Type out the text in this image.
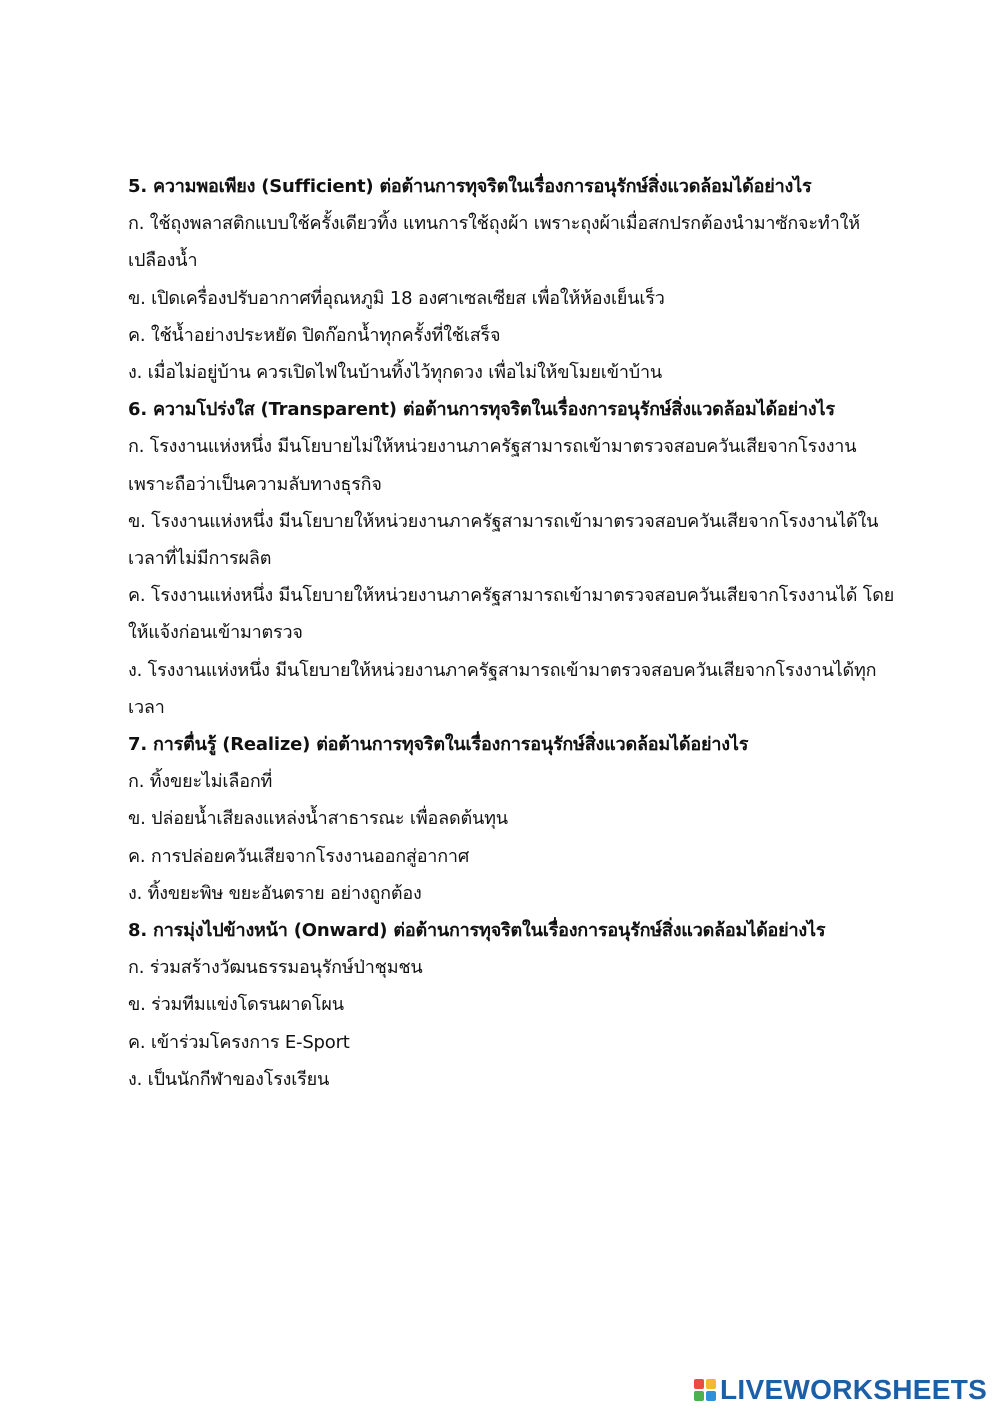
5. ความพอเพียง (Sufficient) ต่อต้านการทุจริตในเรื่องการอนุรักษ์สิ่งแวดล้อมได้อย่างไร
ก. ใช้ถุงพลาสติกแบบใช้ครั้งเดียวทิ้ง แทนการใช้ถุงผ้า เพราะถุงผ้าเมื่อสกปรกต้องนำมาซักจะทำให้
เปลืองน้ำ
ข. เปิดเครื่องปรับอากาศที่อุณหภูมิ 18 องศาเซลเซียส เพื่อให้ห้องเย็นเร็ว
ค. ใช้น้ำอย่างประหยัด ปิดก๊อกน้ำทุกครั้งที่ใช้เสร็จ
ง. เมื่อไม่อยู่บ้าน ควรเปิดไฟในบ้านทิ้งไว้ทุกดวง เพื่อไม่ให้ขโมยเข้าบ้าน
6. ความโปร่งใส (Transparent) ต่อต้านการทุจริตในเรื่องการอนุรักษ์สิ่งแวดล้อมได้อย่างไร
ก. โรงงานแห่งหนึ่ง มีนโยบายไม่ให้หน่วยงานภาครัฐสามารถเข้ามาตรวจสอบควันเสียจากโรงงาน
เพราะถือว่าเป็นความลับทางธุรกิจ
ข. โรงงานแห่งหนึ่ง มีนโยบายให้หน่วยงานภาครัฐสามารถเข้ามาตรวจสอบควันเสียจากโรงงานได้ใน
เวลาที่ไม่มีการผลิต
ค. โรงงานแห่งหนึ่ง มีนโยบายให้หน่วยงานภาครัฐสามารถเข้ามาตรวจสอบควันเสียจากโรงงานได้ โดย
ให้แจ้งก่อนเข้ามาตรวจ
ง. โรงงานแห่งหนึ่ง มีนโยบายให้หน่วยงานภาครัฐสามารถเข้ามาตรวจสอบควันเสียจากโรงงานได้ทุก
เวลา
7. การตื่นรู้ (Realize) ต่อต้านการทุจริตในเรื่องการอนุรักษ์สิ่งแวดล้อมได้อย่างไร
ก. ทิ้งขยะไม่เลือกที่
ข. ปล่อยน้ำเสียลงแหล่งน้ำสาธารณะ เพื่อลดต้นทุน
ค. การปล่อยควันเสียจากโรงงานออกสู่อากาศ
ง. ทิ้งขยะพิษ ขยะอันตราย อย่างถูกต้อง
8. การมุ่งไปข้างหน้า (Onward) ต่อต้านการทุจริตในเรื่องการอนุรักษ์สิ่งแวดล้อมได้อย่างไร
ก. ร่วมสร้างวัฒนธรรมอนุรักษ์ป่าชุมชน
ข. ร่วมทีมแข่งโดรนผาดโผน
ค. เข้าร่วมโครงการ E-Sport
ง. เป็นนักกีฬาของโรงเรียน
LIVEWORKSHEETS
